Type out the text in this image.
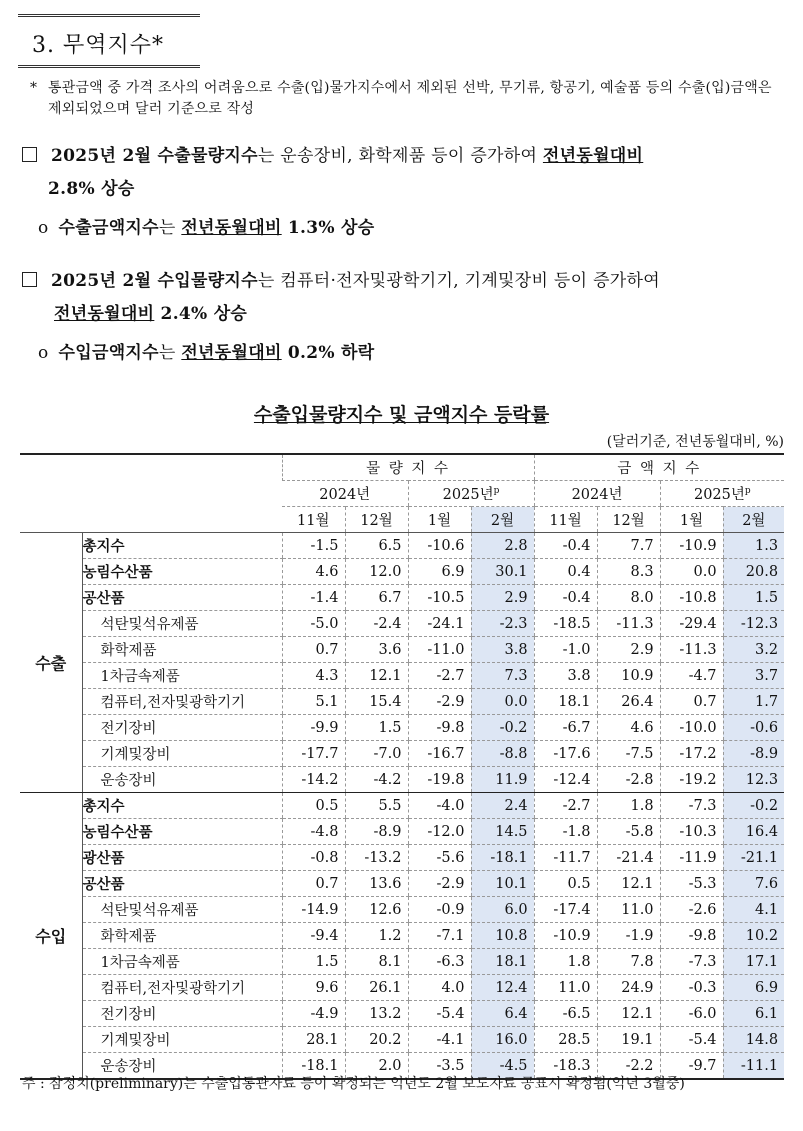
3. 무역지수*
* 통관금액 중 가격 조사의 어려움으로 수출(입)물가지수에서 제외된 선박, 무기류, 항공기, 예술품 등의 수출(입)금액은 제외되었으며 달러 기준으로 작성
2025년 2월 수출물량지수는 운송장비, 화학제품 등이 증가하여 전년동월대비
2.8% 상승
o 수출금액지수는 전년동월대비 1.3% 상승
2025년 2월 수입물량지수는 컴퓨터·전자및광학기기, 기계및장비 등이 증가하여
전년동월대비 2.4% 상승
o 수입금액지수는 전년동월대비 0.2% 하락
수출입물량지수 및 금액지수 등락률
(달러기준, 전년동월대비, %)
		물 량 지 수				금 액 지 수			
		2024년		2025년$^p$		2024년		2025년$^p$
		11월	12월	1월	2월	11월	12월	1월	2월
수출	총지수	-1.5	6.5	-10.6	2.8	-0.4	7.7	-10.9	1.3
	농림수산품	4.6	12.0	6.9	30.1	0.4	8.3	0.0	20.8
	공산품	-1.4	6.7	-10.5	2.9	-0.4	8.0	-10.8	1.5
	석탄및석유제품	-5.0	-2.4	-24.1	-2.3	-18.5	-11.3	-29.4	-12.3
	화학제품	0.7	3.6	-11.0	3.8	-1.0	2.9	-11.3	3.2
	1차금속제품	4.3	12.1	-2.7	7.3	3.8	10.9	-4.7	3.7
	컴퓨터,전자및광학기기	5.1	15.4	-2.9	0.0	18.1	26.4	0.7	1.7
	전기장비	-9.9	1.5	-9.8	-0.2	-6.7	4.6	-10.0	-0.6
	기계및장비	-17.7	-7.0	-16.7	-8.8	-17.6	-7.5	-17.2	-8.9
	운송장비	-14.2	-4.2	-19.8	11.9	-12.4	-2.8	-19.2	12.3
수입	총지수	0.5	5.5	-4.0	2.4	-2.7	1.8	-7.3	-0.2
	농림수산품	-4.8	-8.9	-12.0	14.5	-1.8	-5.8	-10.3	16.4
	광산품	-0.8	-13.2	-5.6	-18.1	-11.7	-21.4	-11.9	-21.1
	공산품	0.7	13.6	-2.9	10.1	0.5	12.1	-5.3	7.6
	석탄및석유제품	-14.9	12.6	-0.9	6.0	-17.4	11.0	-2.6	4.1
	화학제품	-9.4	1.2	-7.1	10.8	-10.9	-1.9	-9.8	10.2
	1차금속제품	1.5	8.1	-6.3	18.1	1.8	7.8	-7.3	17.1
	컴퓨터,전자및광학기기	9.6	26.1	4.0	12.4	11.0	24.9	-0.3	6.9
	전기장비	-4.9	13.2	-5.4	6.4	-6.5	12.1	-6.0	6.1
	기계및장비	28.1	20.2	-4.1	16.0	28.5	19.1	-5.4	14.8
	운송장비	-18.1	2.0	-3.5	-4.5	-18.3	-2.2	-9.7	-11.1
주 : 잠정치(preliminary)는 수출입통관자료 등이 확정되는 익년도 2월 보도자료 공표시 확정됨(익년 3월중)
